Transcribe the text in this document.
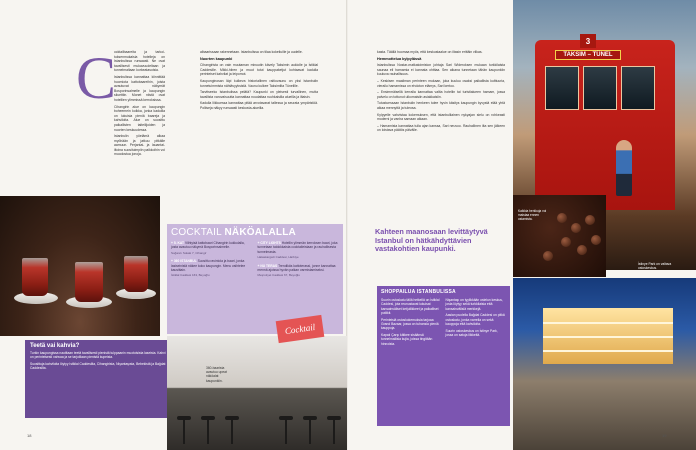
C

ocktailbaareita ja tarkoituksenmukaisia hotelleja on Istanbulissa runsaasti. Ne ovat tavallisesti mukavuudeltaan ja tunnelmaltaan korkeatasoisia.

Istanbulissa kannattaa kiinnittää huomiota kattobaareihin, joista avautuvat näkymät Bosporinsalmelle ja kaupungin siluettiin. Monet niistä ovat hotellien ylimmissä kerroksissa.

Cihangirin alue on kaupungin boheemein kolkka, jonka kaduilla on lukuisia pieniä baareja ja kahviloita. Alue on suosittu paikallisten taiteilijoiden ja nuorten keskuudessa.

Istanbulin yöelämä alkaa myöhään ja jatkuu pitkälle aamuun. Perjantai- ja lauantai-iltoina suosituimpiin paikkoihin voi muodostua jonoja.

albaarissaan rakennetaan. Istanbulissa on tilaa kokeiluille ja uudelle.

Nuorten kaupunki

Cihangirista on vain muutaman minuutin kävely Taksimin aukiolle ja İstiklal Caddesille. Mikki-hiiren ja muut tutut kauppaketjut kohtaavat kadulla perinteiset kahvilat ja leipomot.

Kaupunginosan läpi kulkeva historiallinen raitiovaunu on yksi Istanbulin tunnetuimmista nähtävyyksistä. Vaunu kulkee Taksimilta Tünelille.

Tarvitseeko Istanbulissa pelätä? Kaupunki on yleisesti turvallinen, mutta tavallista varovaisuutta kannattaa noudattaa ruuhkaisilla alueilla ja iltaisin.

Kadulla liikkuessa kannattaa pitää arvotavarat tallessa ja seurata ympäristöä. Poliiseja näkyy runsaasti keskusta-alueilla.

kasta. Tääliä huomaa myös, että keskustaalue on iltasin erittäin vilkas.

Hemmottelua kylpylässä

Istanbulissa Nostar-matkatoimiston johtaja Sari Wideroksen mukaan turkkilaista saunaa eli hamamia ei kannata ohittaa. Sen aikana tunnetaan tähän kaupunkiin kuuluva rauhallisuus.

– Keskisen maailman perinteen mukaan, joka kuuluu osaksi paikallista kulttuuria, vierailu hamamissa on ehdoton elämys, Sari kertoo.

– Ensimmäisellä kerralla kannattaa valita hotellin tai turistialueen hamam, jossa palvelu on tottunut ulkomaisiin asiakkaisiin.

Tutustuessaan Istanbulin henkeen tulee hyvin käsitys kaupungin kyvystä elää yhtä aikaa mennyttä ja tulevaa.

Kylpyelle vahvistaa kokemuksen, että istanbulilainen nykyajan sielu on rohkeasti moderni ja vanha samaan aikaan.

– Hamamista kannattaa tulla ajan kanssa, Sari neuvoo. Rauhallinen ilta sen jälkeen on loistava päätös päivälle.

Teetä vai kahvia?

Turkin kaupungissa nautitaan teetä tavallisesti pienistä tulppaanin muotoisista laseista. Kahvi on perinteisesti vahvaa ja se tarjoillaan pienistä kupeista.

Suosittuja kahviloita löytyy Istiklal Caddesilta, Cihangirista, Nişantaşısta, Bebekistä ja Bağdat Caddesilta.

COCKTAIL NÄKÖALALLA
+ 5. KAT Viihtyisä kattobaari Cihangirin kukkulalla, josta avautuu näkymä Bosporinsalmelle.
Soğancı Sokak 7, Cihangir
+ 360 ISTANBUL Suosittu ravintola ja baari, jonka lasiseinistä näkee koko kaupungin. Menu vaihtelee kausittain.
İstiklal Caddesi 163, Beyoğlu
+ CITY LIGHTS Hotellin ylimmän kerroksen baari, joka tunnetaan taidokkaista cocktaileistaan ja rauhallisesta tunnelmasta.
Halaskargazi Caddesi, Harbiye
+ NU TERAS Trendikäs kattoterassi, jonne kannattaa mennä ajoissa hyvän paikan varmistamiseksi.
Meşrutiyet Caddesi 67, Beyoğlu
360-baarista avautuu upeat näköalat kaupunkiin.
Cocktail
3
TAKSIM – TÜNEL
Kaikkia herkkuja voi maistaa ennen ostamista.
İstinye Park on valtava ostoskeskus.
Kahteen maanosaan levittäytyvä Istanbul on hätkähdyttävien vastakohtien kaupunki.
SHOPPAILUA ISTANBULISSA

Suurin ostoskatu tällä hetkellä on İstiklal Caddesi, jota reunustavat lukuisat kansainväliset ketjuliikkeet ja paikalliset putiikit.

Perinteisiä ostoskokemuksia tarjoaa Grand Bazaar, jossa on tuhansia pieniä kauppoja.

Kapalı Çarşı kätkee sisäänsä tunnelmallisia kujia, joissa tingitään hinnoista.

Nişantaşı on tyylikkään ostelun keskus, josta löytyy sekä turkkilaisia että kansainvälisiä merkkejä.

Aasian puolella Bağdat Caddesi on pitkä ostoskatu, jonka varrella on sekä kauppoja että kahviloita.

Suurin ostoskeskus on İstinye Park, jossa on satoja liikkeitä.

18	19
